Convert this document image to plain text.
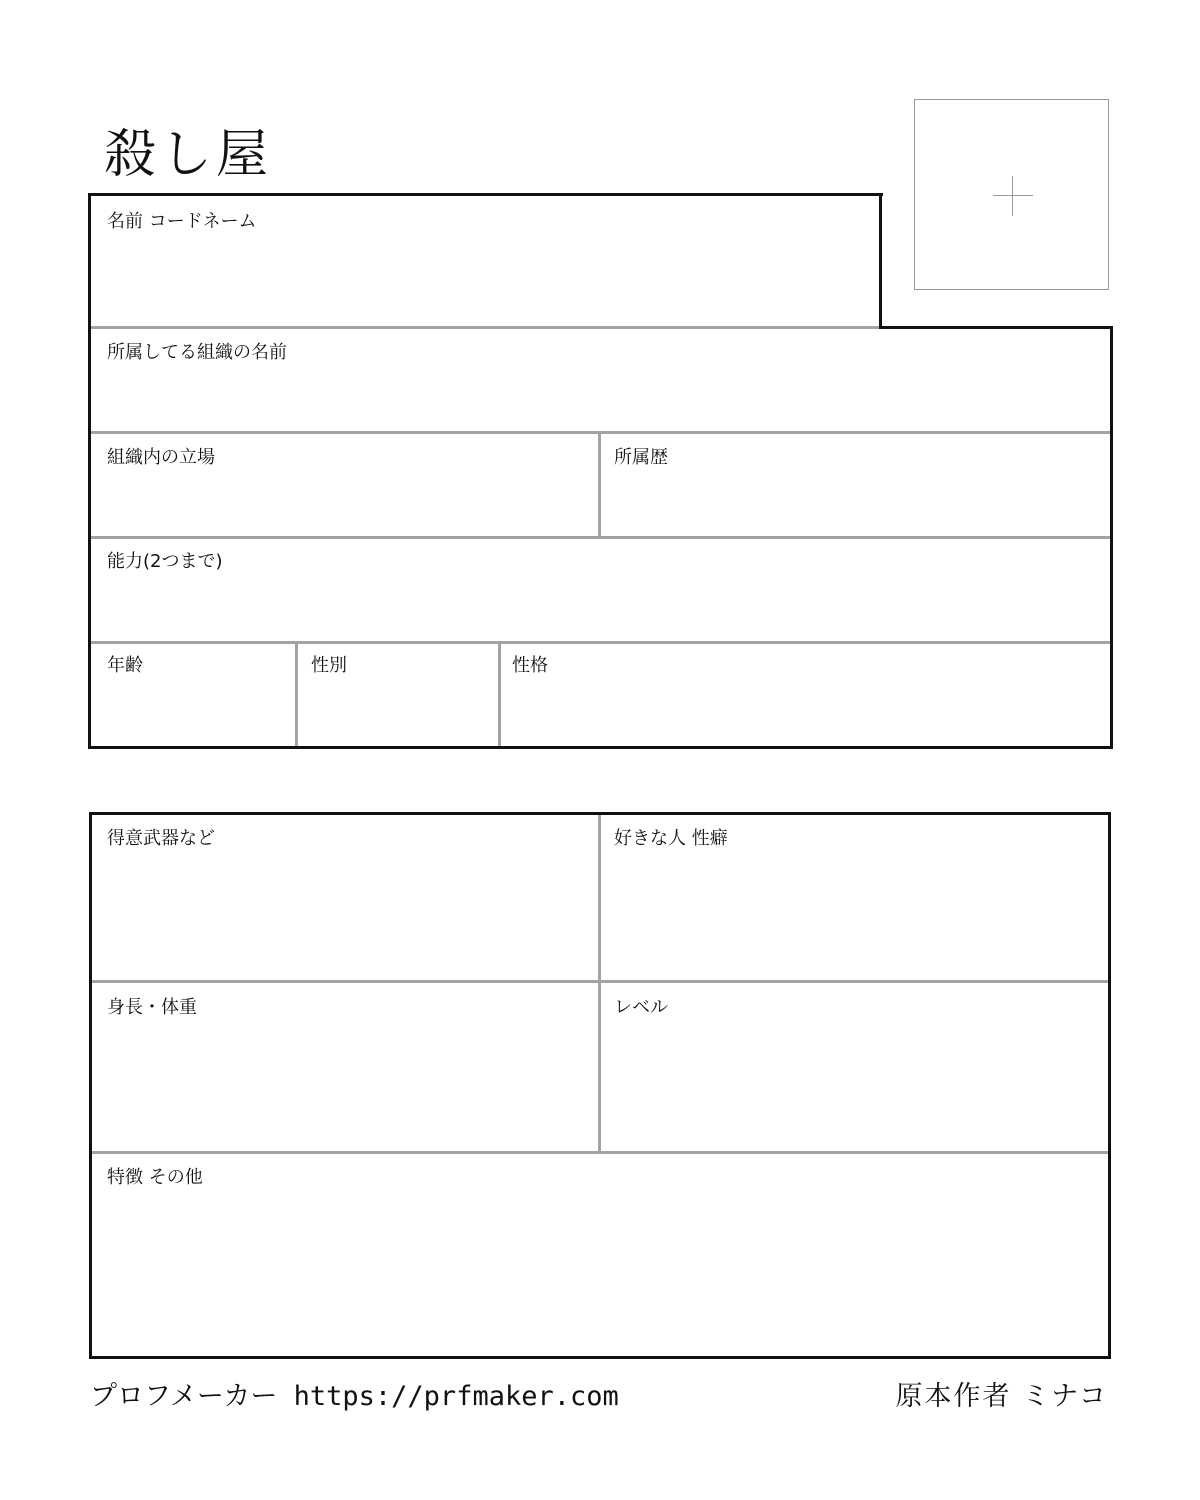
殺し屋
名前 コードネーム
所属してる組織の名前
組織内の立場	所属歴
能力(2つまで)
年齢	性別	性格
得意武器など	好きな人 性癖
身長・体重	レベル
特徴 その他
プロフメーカー https://prfmaker.com	原本作者 ミナコ
